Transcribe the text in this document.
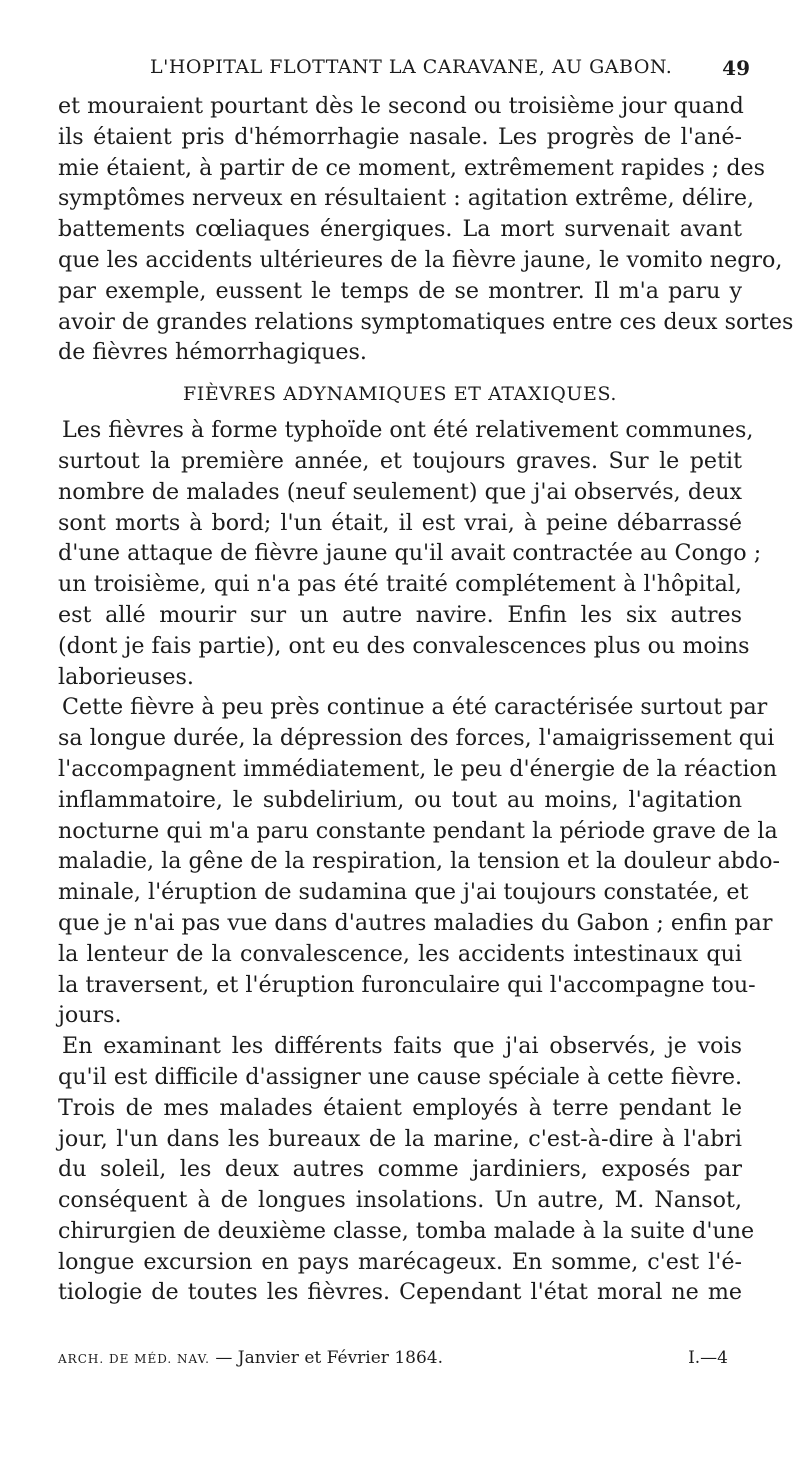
L'HOPITAL FLOTTANT LA CARAVANE, AU GABON. 49
et mouraient pourtant dès le second ou troisième jour quand
ils étaient pris d'hémorrhagie nasale. Les progrès de l'ané-
mie étaient, à partir de ce moment, extrêmement rapides ; des
symptômes nerveux en résultaient : agitation extrême, délire,
battements cœliaques énergiques. La mort survenait avant
que les accidents ultérieures de la fièvre jaune, le vomito negro,
par exemple, eussent le temps de se montrer. Il m'a paru y
avoir de grandes relations symptomatiques entre ces deux sortes
de fièvres hémorrhagiques.
FIÈVRES ADYNAMIQUES ET ATAXIQUES.
Les fièvres à forme typhoïde ont été relativement communes,
surtout la première année, et toujours graves. Sur le petit
nombre de malades (neuf seulement) que j'ai observés, deux
sont morts à bord; l'un était, il est vrai, à peine débarrassé
d'une attaque de fièvre jaune qu'il avait contractée au Congo ;
un troisième, qui n'a pas été traité complétement à l'hôpital,
est allé mourir sur un autre navire. Enfin les six autres
(dont je fais partie), ont eu des convalescences plus ou moins
laborieuses.
Cette fièvre à peu près continue a été caractérisée surtout par
sa longue durée, la dépression des forces, l'amaigrissement qui
l'accompagnent immédiatement, le peu d'énergie de la réaction
inflammatoire, le subdelirium, ou tout au moins, l'agitation
nocturne qui m'a paru constante pendant la période grave de la
maladie, la gêne de la respiration, la tension et la douleur abdo-
minale, l'éruption de sudamina que j'ai toujours constatée, et
que je n'ai pas vue dans d'autres maladies du Gabon ; enfin par
la lenteur de la convalescence, les accidents intestinaux qui
la traversent, et l'éruption furonculaire qui l'accompagne tou-
jours.
En examinant les différents faits que j'ai observés, je vois
qu'il est difficile d'assigner une cause spéciale à cette fièvre.
Trois de mes malades étaient employés à terre pendant le
jour, l'un dans les bureaux de la marine, c'est-à-dire à l'abri
du soleil, les deux autres comme jardiniers, exposés par
conséquent à de longues insolations. Un autre, M. Nansot,
chirurgien de deuxième classe, tomba malade à la suite d'une
longue excursion en pays marécageux. En somme, c'est l'é-
tiologie de toutes les fièvres. Cependant l'état moral ne me
ARCH. DE MÉD. NAV. — Janvier et Février 1864.	I.—4
